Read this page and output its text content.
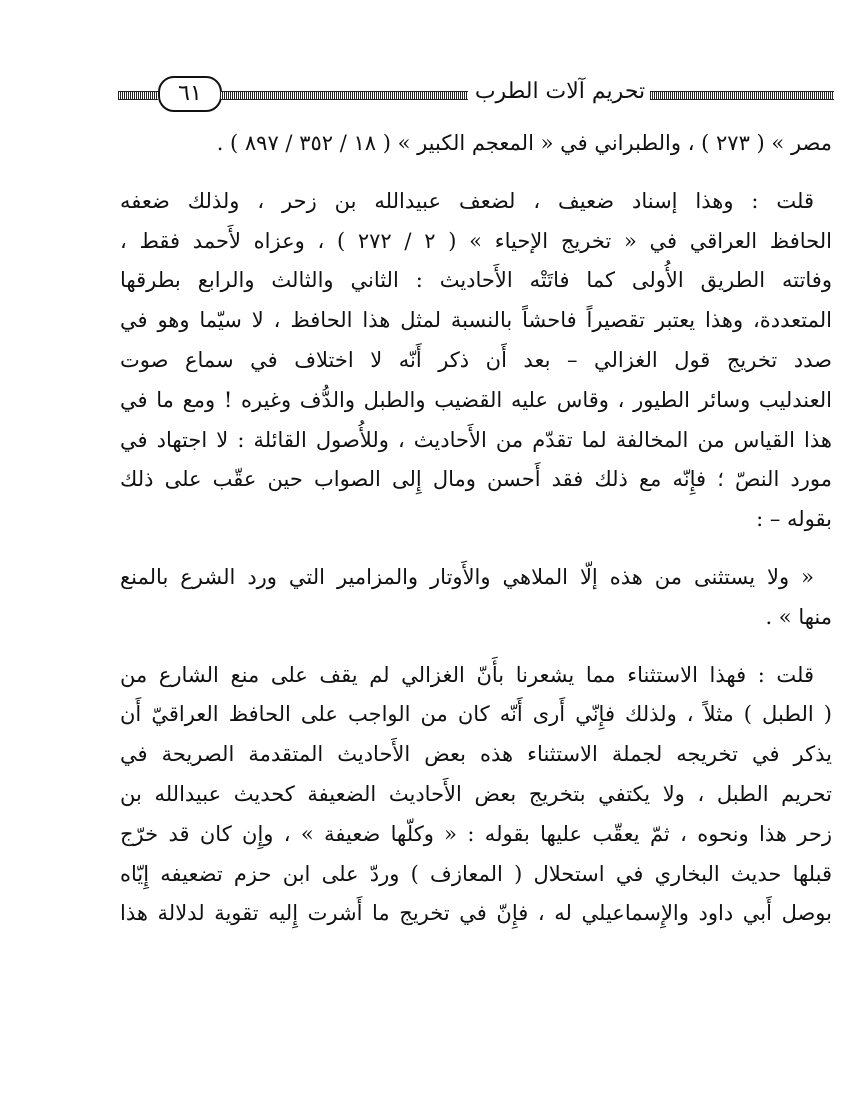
٦١	تحريم آلات الطرب

مصر » ( ٢٧٣ ) ، والطبراني في « المعجم الكبير » ( ١٨ / ٣٥٢ / ٨٩٧ ) .

قلت : وهذا إسناد ضعيف ، لضعف عبيدالله بن زحر ، ولذلك ضعفه

الحافظ العراقي في « تخريج الإحياء » ( ٢ / ٢٧٢ ) ، وعزاه لأَحمد فقط ،
وفاتته الطريق الأُولى كما فاتَتْه الأَحاديث : الثاني والثالث والرابع بطرقها
المتعددة، وهذا يعتبر تقصيراً فاحشاً بالنسبة لمثل هذا الحافظ ، لا سيّما وهو في
صدد تخريج قول الغزالي – بعد أَن ذكر أَنّه لا اختلاف في سماع صوت
العندليب وسائر الطيور ، وقاس عليه القضيب والطبل والدُّف وغيره ! ومع ما في
هذا القياس من المخالفة لما تقدّم من الأَحاديث ، وللأُصول القائلة : لا اجتهاد في
مورد النصّ ؛ فإِنّه مع ذلك فقد أَحسن ومال إِلى الصواب حين عقّب على ذلك
بقوله – :

« ولا يستثنى من هذه إلّا الملاهي والأَوتار والمزامير التي ورد الشرع بالمنع

منها » .

قلت : فهذا الاستثناء مما يشعرنا بأَنّ الغزالي لم يقف على منع الشارع من

( الطبل ) مثلاً ، ولذلك فإِنّي أَرى أَنّه كان من الواجب على الحافظ العراقيّ أَن
يذكر في تخريجه لجملة الاستثناء هذه بعض الأَحاديث المتقدمة الصريحة في
تحريم الطبل ، ولا يكتفي بتخريج بعض الأَحاديث الضعيفة كحديث عبيدالله بن
زحر هذا ونحوه ، ثمّ يعقّب عليها بقوله : « وكلّها ضعيفة » ، وإِن كان قد خرّج
قبلها حديث البخاري في استحلال ( المعازف ) وردّ على ابن حزم تضعيفه إِيّاه
بوصل أَبي داود والإِسماعيلي له ، فإِنّ في تخريج ما أَشرت إِليه تقوية لدلالة هذا
